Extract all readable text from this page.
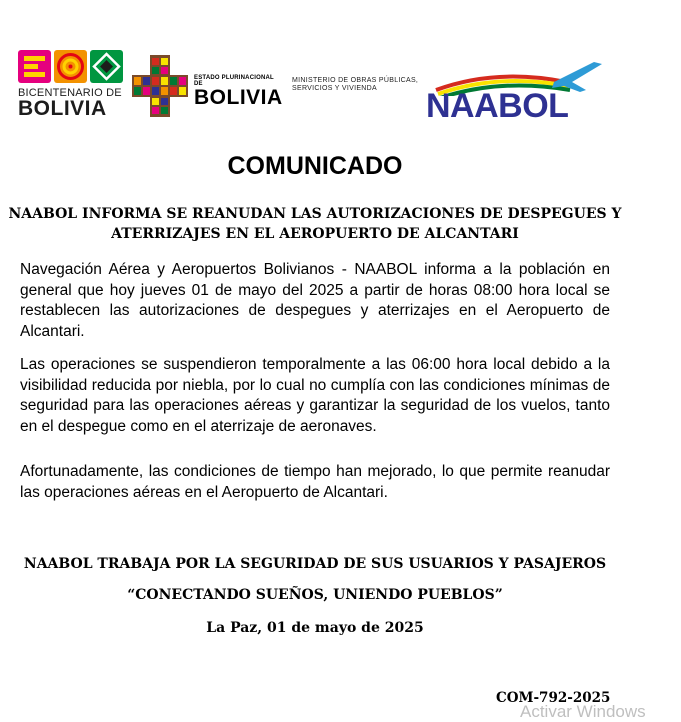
BICENTENARIO DE
BOLIVIA
ESTADO PLURINACIONAL DE
BOLIVIA
MINISTERIO DE OBRAS PÚBLICAS, SERVICIOS Y VIVIENDA	NAABOL
COMUNICADO
NAABOL INFORMA SE REANUDAN LAS AUTORIZACIONES DE DESPEGUES Y ATERRIZAJES EN EL AEROPUERTO DE ALCANTARI
Navegación Aérea y Aeropuertos Bolivianos - NAABOL informa a la población en general que hoy jueves 01 de mayo del 2025 a partir de horas 08:00 hora local se restablecen las autorizaciones de despegues y aterrizajes en el Aeropuerto de Alcantari.
Las operaciones se suspendieron temporalmente a las 06:00 hora local debido a la visibilidad reducida por niebla, por lo cual no cumplía con las condiciones mínimas de seguridad para las operaciones aéreas y garantizar la seguridad de los vuelos, tanto en el despegue como en el aterrizaje de aeronaves.
Afortunadamente, las condiciones de tiempo han mejorado, lo que permite reanudar las operaciones aéreas en el Aeropuerto de Alcantari.
NAABOL TRABAJA POR LA SEGURIDAD DE SUS USUARIOS Y PASAJEROS
“CONECTANDO SUEÑOS, UNIENDO PUEBLOS”
La Paz, 01 de mayo de 2025
COM-792-2025
Activar Windows
